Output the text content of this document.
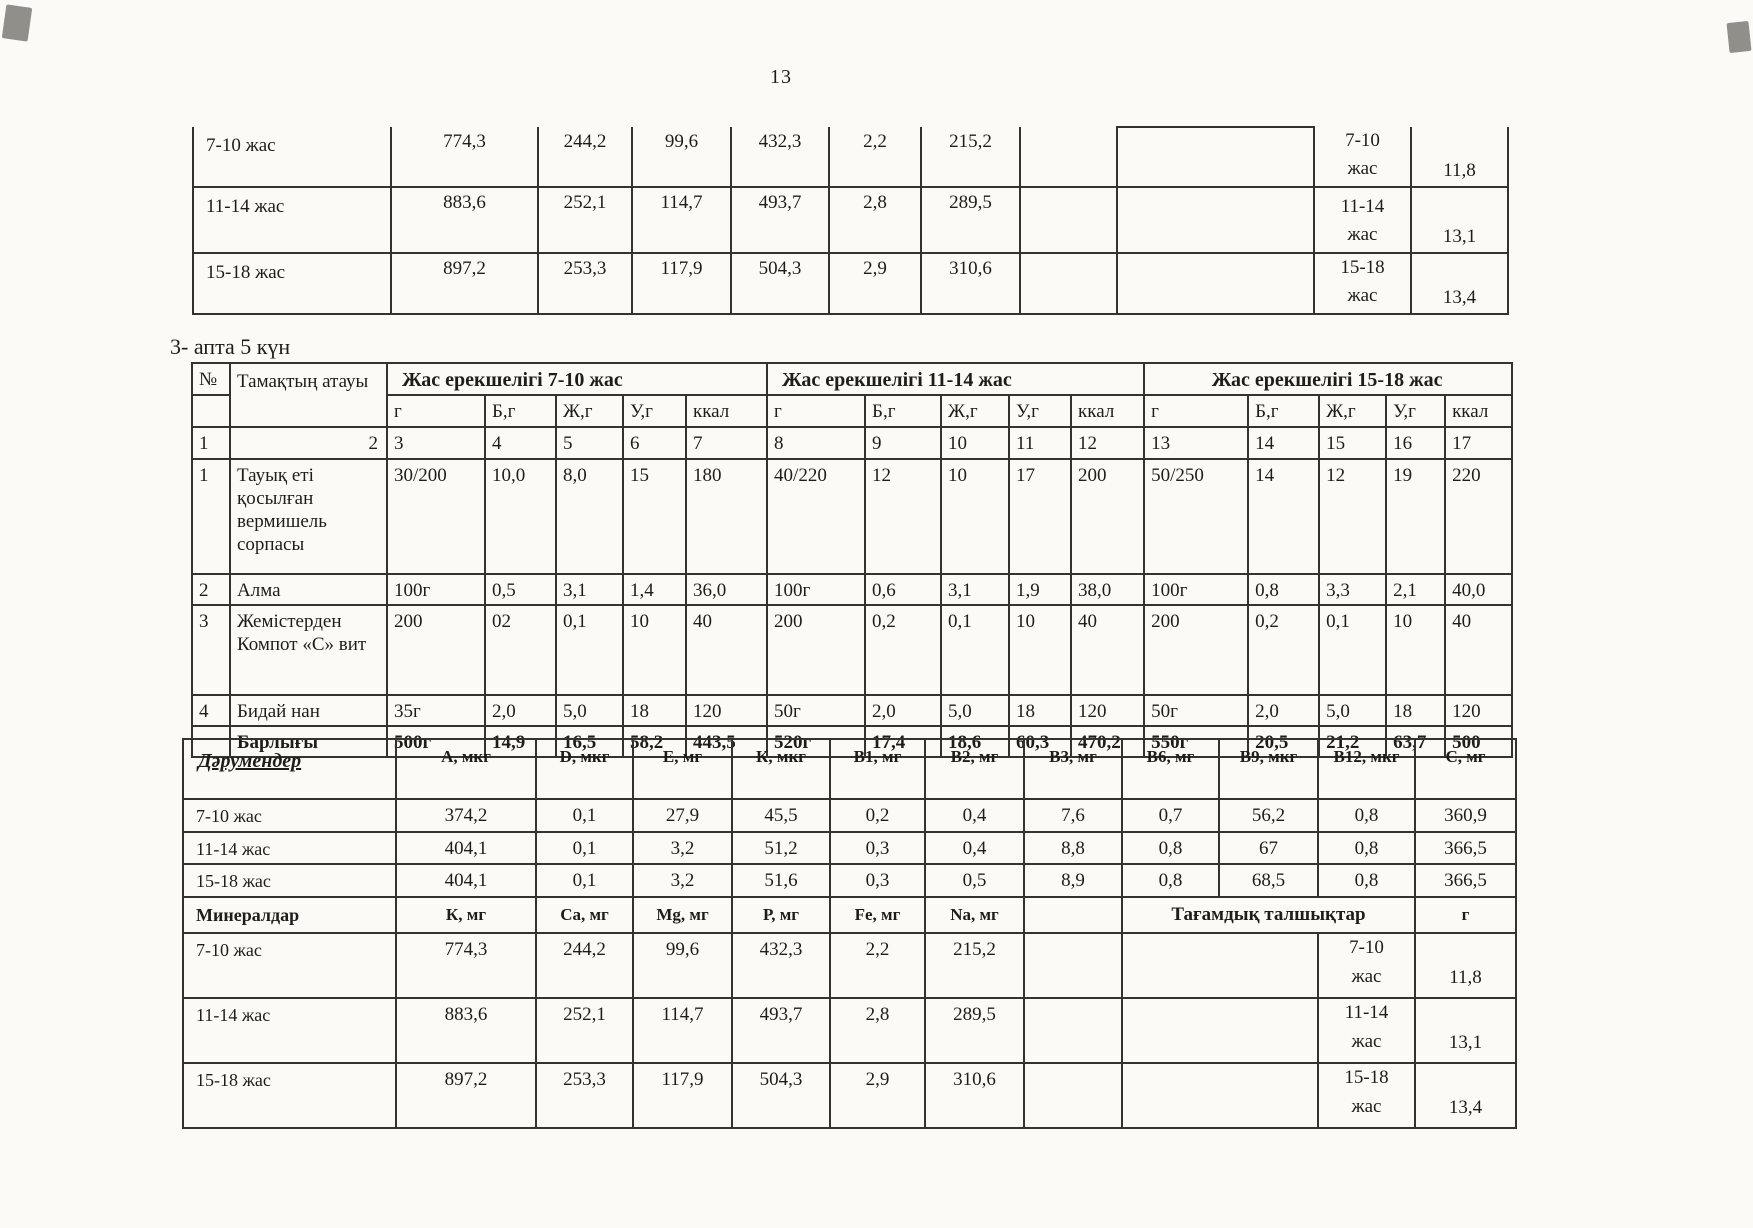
13
7-10 жас	774,3	244,2	99,6	432,3	2,2	215,2			7-10 жас	11,8
11-14 жас	883,6	252,1	114,7	493,7	2,8	289,5			11-14 жас	13,1
15-18 жас	897,2	253,3	117,9	504,3	2,9	310,6			15-18 жас	13,4
3- апта 5 күн
№	Тамақтың атауы	Жас ерекшелігі 7-10 жас					Жас ерекшелігі 11-14 жас					Жас ерекшелігі 15-18 жас				
		г	Б,г	Ж,г	У,г	ккал	г	Б,г	Ж,г	У,г	ккал	г	Б,г	Ж,г	У,г	ккал
1	2	3	4	5	6	7	8	9	10	11	12	13	14	15	16	17
1	Тауық еті қосылған вермишель сорпасы	30/200	10,0	8,0	15	180	40/220	12	10	17	200	50/250	14	12	19	220
2	Алма	100г	0,5	3,1	1,4	36,0	100г	0,6	3,1	1,9	38,0	100г	0,8	3,3	2,1	40,0
3	Жемістерден Компот «С» вит	200	02	0,1	10	40	200	0,2	0,1	10	40	200	0,2	0,1	10	40
4	Бидай нан	35г	2,0	5,0	18	120	50г	2,0	5,0	18	120	50г	2,0	5,0	18	120
	Барлығы	500г	14,9	16,5	58,2	443,5	520г	17,4	18,6	60,3	470,2	550г	20,5	21,2	63,7	500
Дәрумендер	А, мкг	D, мкг	Е, мг	К, мкг	В1, мг	В2, мг	В3, мг	В6, мг	В9, мкг	В12, мкг	С, мг
7-10 жас	374,2	0,1	27,9	45,5	0,2	0,4	7,6	0,7	56,2	0,8	360,9
11-14 жас	404,1	0,1	3,2	51,2	0,3	0,4	8,8	0,8	67	0,8	366,5
15-18 жас	404,1	0,1	3,2	51,6	0,3	0,5	8,9	0,8	68,5	0,8	366,5
Минералдар	К, мг	Са, мг	Mg, мг	Р, мг	Fe, мг	Na, мг		Тағамдық талшықтар			г
7-10 жас	774,3	244,2	99,6	432,3	2,2	215,2				7-10 жас	11,8
11-14 жас	883,6	252,1	114,7	493,7	2,8	289,5				11-14 жас	13,1
15-18 жас	897,2	253,3	117,9	504,3	2,9	310,6				15-18 жас	13,4
